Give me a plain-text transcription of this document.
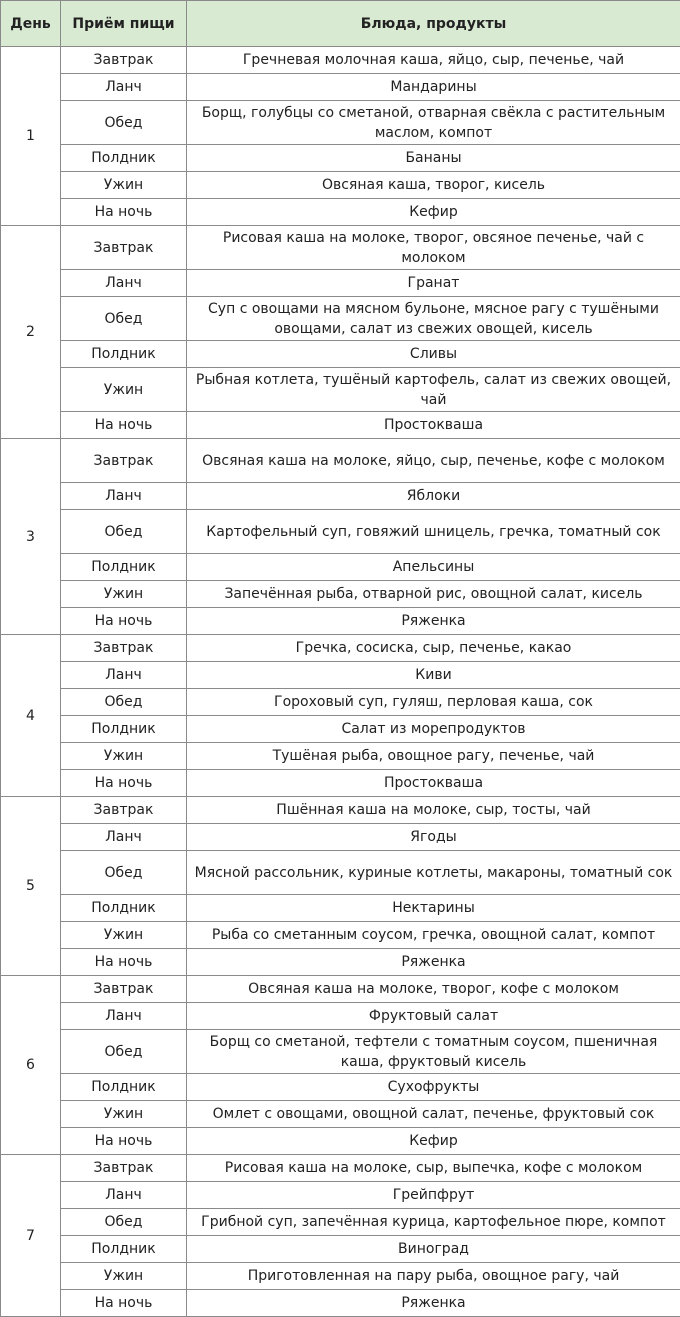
День	Приём пищи	Блюда, продукты
1	Завтрак	Гречневая молочная каша, яйцо, сыр, печенье, чай
	Ланч	Мандарины
	Обед	Борщ, голубцы со сметаной, отварная свёкла с растительным маслом, компот
	Полдник	Бананы
	Ужин	Овсяная каша, творог, кисель
	На ночь	Кефир
2	Завтрак	Рисовая каша на молоке, творог, овсяное печенье, чай с молоком
	Ланч	Гранат
	Обед	Суп с овощами на мясном бульоне, мясное рагу с тушёными овощами, салат из свежих овощей, кисель
	Полдник	Сливы
	Ужин	Рыбная котлета, тушёный картофель, салат из свежих овощей, чай
	На ночь	Простокваша
3	Завтрак	Овсяная каша на молоке, яйцо, сыр, печенье, кофе с молоком
	Ланч	Яблоки
	Обед	Картофельный суп, говяжий шницель, гречка, томатный сок
	Полдник	Апельсины
	Ужин	Запечённая рыба, отварной рис, овощной салат, кисель
	На ночь	Ряженка
4	Завтрак	Гречка, сосиска, сыр, печенье, какао
	Ланч	Киви
	Обед	Гороховый суп, гуляш, перловая каша, сок
	Полдник	Салат из морепродуктов
	Ужин	Тушёная рыба, овощное рагу, печенье, чай
	На ночь	Простокваша
5	Завтрак	Пшённая каша на молоке, сыр, тосты, чай
	Ланч	Ягоды
	Обед	Мясной рассольник, куриные котлеты, макароны, томатный сок
	Полдник	Нектарины
	Ужин	Рыба со сметанным соусом, гречка, овощной салат, компот
	На ночь	Ряженка
6	Завтрак	Овсяная каша на молоке, творог, кофе с молоком
	Ланч	Фруктовый салат
	Обед	Борщ со сметаной, тефтели с томатным соусом, пшеничная каша, фруктовый кисель
	Полдник	Сухофрукты
	Ужин	Омлет с овощами, овощной салат, печенье, фруктовый сок
	На ночь	Кефир
7	Завтрак	Рисовая каша на молоке, сыр, выпечка, кофе с молоком
	Ланч	Грейпфрут
	Обед	Грибной суп, запечённая курица, картофельное пюре, компот
	Полдник	Виноград
	Ужин	Приготовленная на пару рыба, овощное рагу, чай
	На ночь	Ряженка
